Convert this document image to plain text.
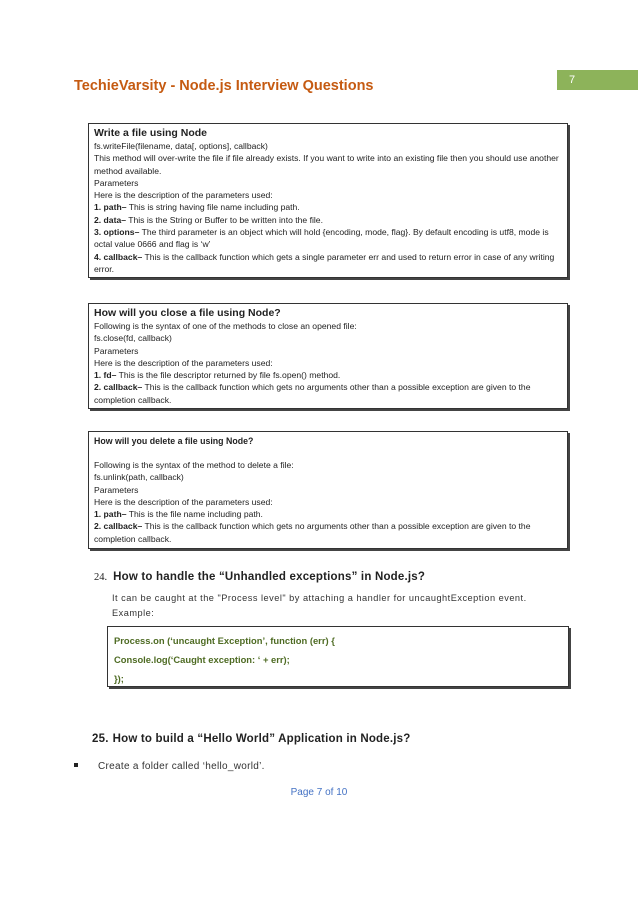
7
TechieVarsity - Node.js Interview Questions
Write a file using Node

fs.writeFile(filename, data[, options], callback)

This method will over-write the file if file already exists. If you want to write into an existing file then you should use another method available.

Parameters

Here is the description of the parameters used:

1. path– This is string having file name including path.

2. data– This is the String or Buffer to be written into the file.

3. options– The third parameter is an object which will hold {encoding, mode, flag}. By default encoding is utf8, mode is octal value 0666 and flag is ‘w’

4. callback– This is the callback function which gets a single parameter err and used to return error in case of any writing error.

How will you close a file using Node?

Following is the syntax of one of the methods to close an opened file:

fs.close(fd, callback)

Parameters

Here is the description of the parameters used:

1. fd– This is the file descriptor returned by file fs.open() method.

2. callback– This is the callback function which gets no arguments other than a possible exception are given to the completion callback.

How will you delete a file using Node?

Following is the syntax of the method to delete a file:

fs.unlink(path, callback)

Parameters

Here is the description of the parameters used:

1. path– This is the file name including path.

2. callback– This is the callback function which gets no arguments other than a possible exception are given to the completion callback.

24. How to handle the “Unhandled exceptions” in Node.js?
It can be caught at the "Process level" by attaching a handler for uncaughtException event. Example:
Process.on (‘uncaught Exception’, function (err) {
Console.log(‘Caught exception: ‘ + err);
});
25. How to build a “Hello World” Application in Node.js?
Create a folder called ‘hello_world’.
Page 7 of 10
